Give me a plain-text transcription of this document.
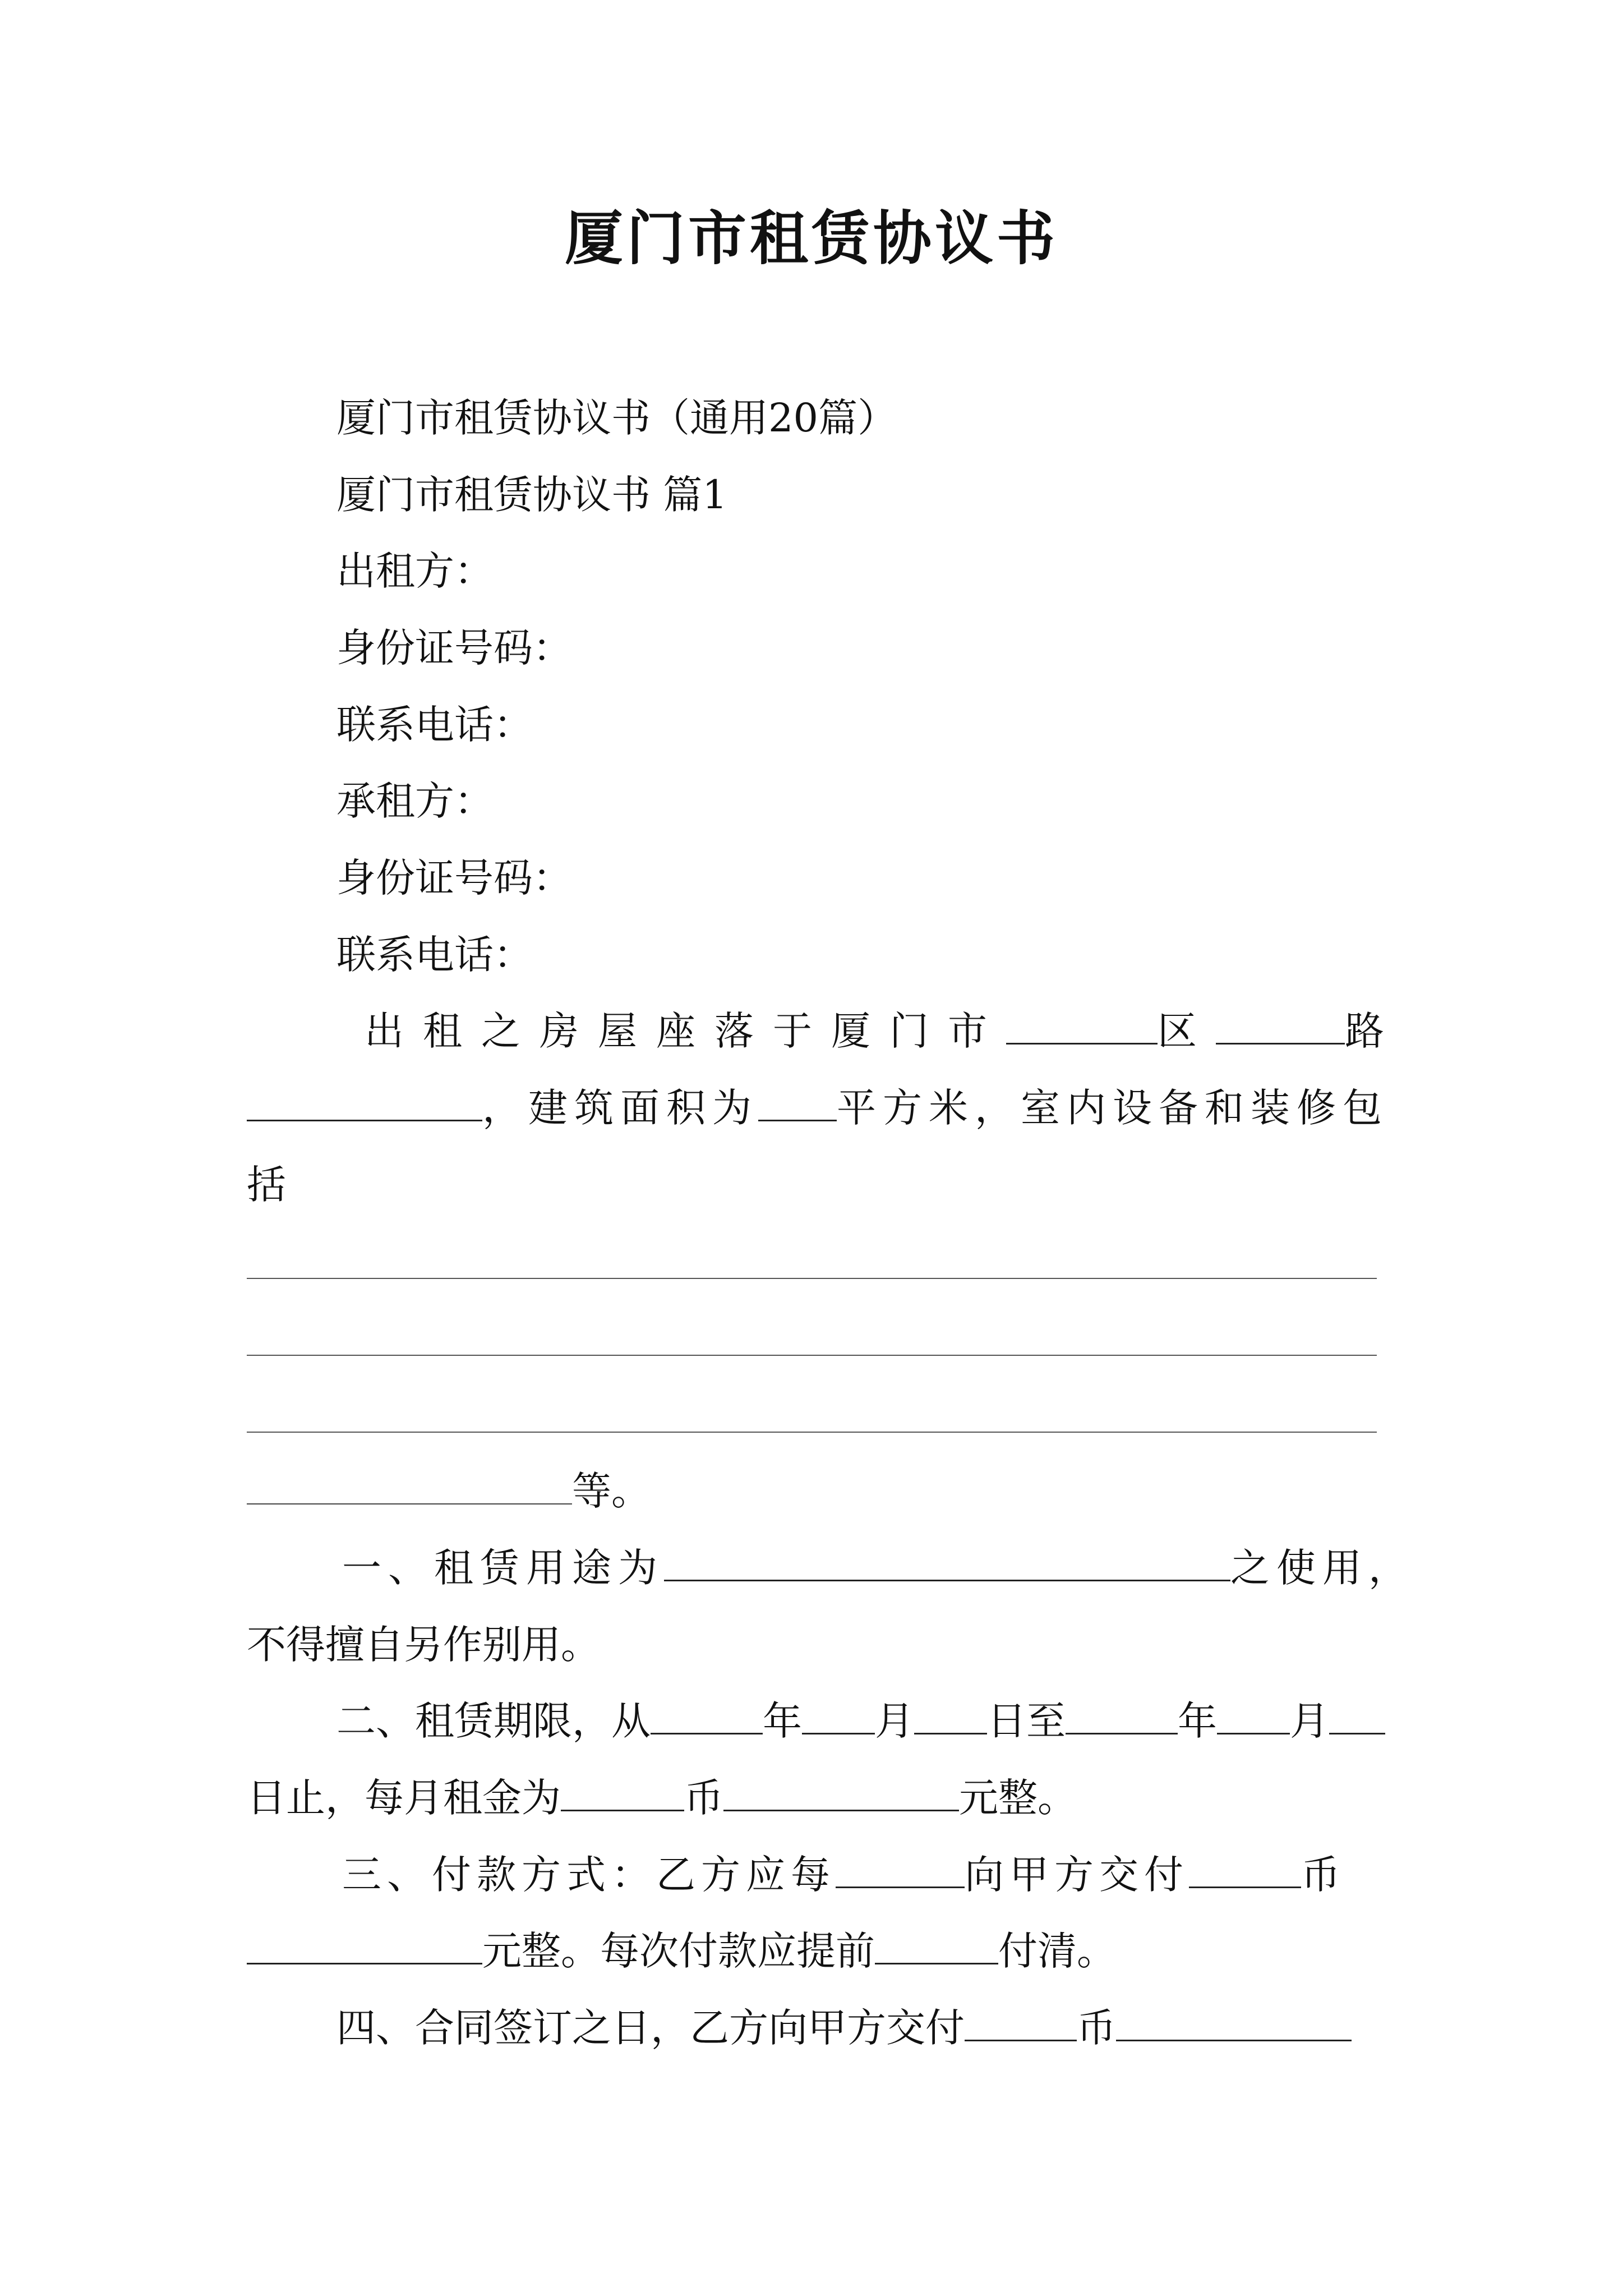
厦门市租赁协议书
厦门市租赁协议书（通用20篇）
厦门市租赁协议书 篇1
出租方：
身份证号码：
联系电话：
承租方：
身份证号码：
联系电话：
出租之房屋座落于厦门市	区	路
，建筑面积为 平方米，室内设备和装修包
括
等。
一、租赁用途为	之使用，
不得擅自另作别用。
二、租赁期限，从	年 月 日至	年 月
日止，每月租金为	币	元整。
三、付款方式：乙方应每	向甲方交付	币
元整。每次付款应提前	付清。
四、合同签订之日，乙方向甲方交付	币
